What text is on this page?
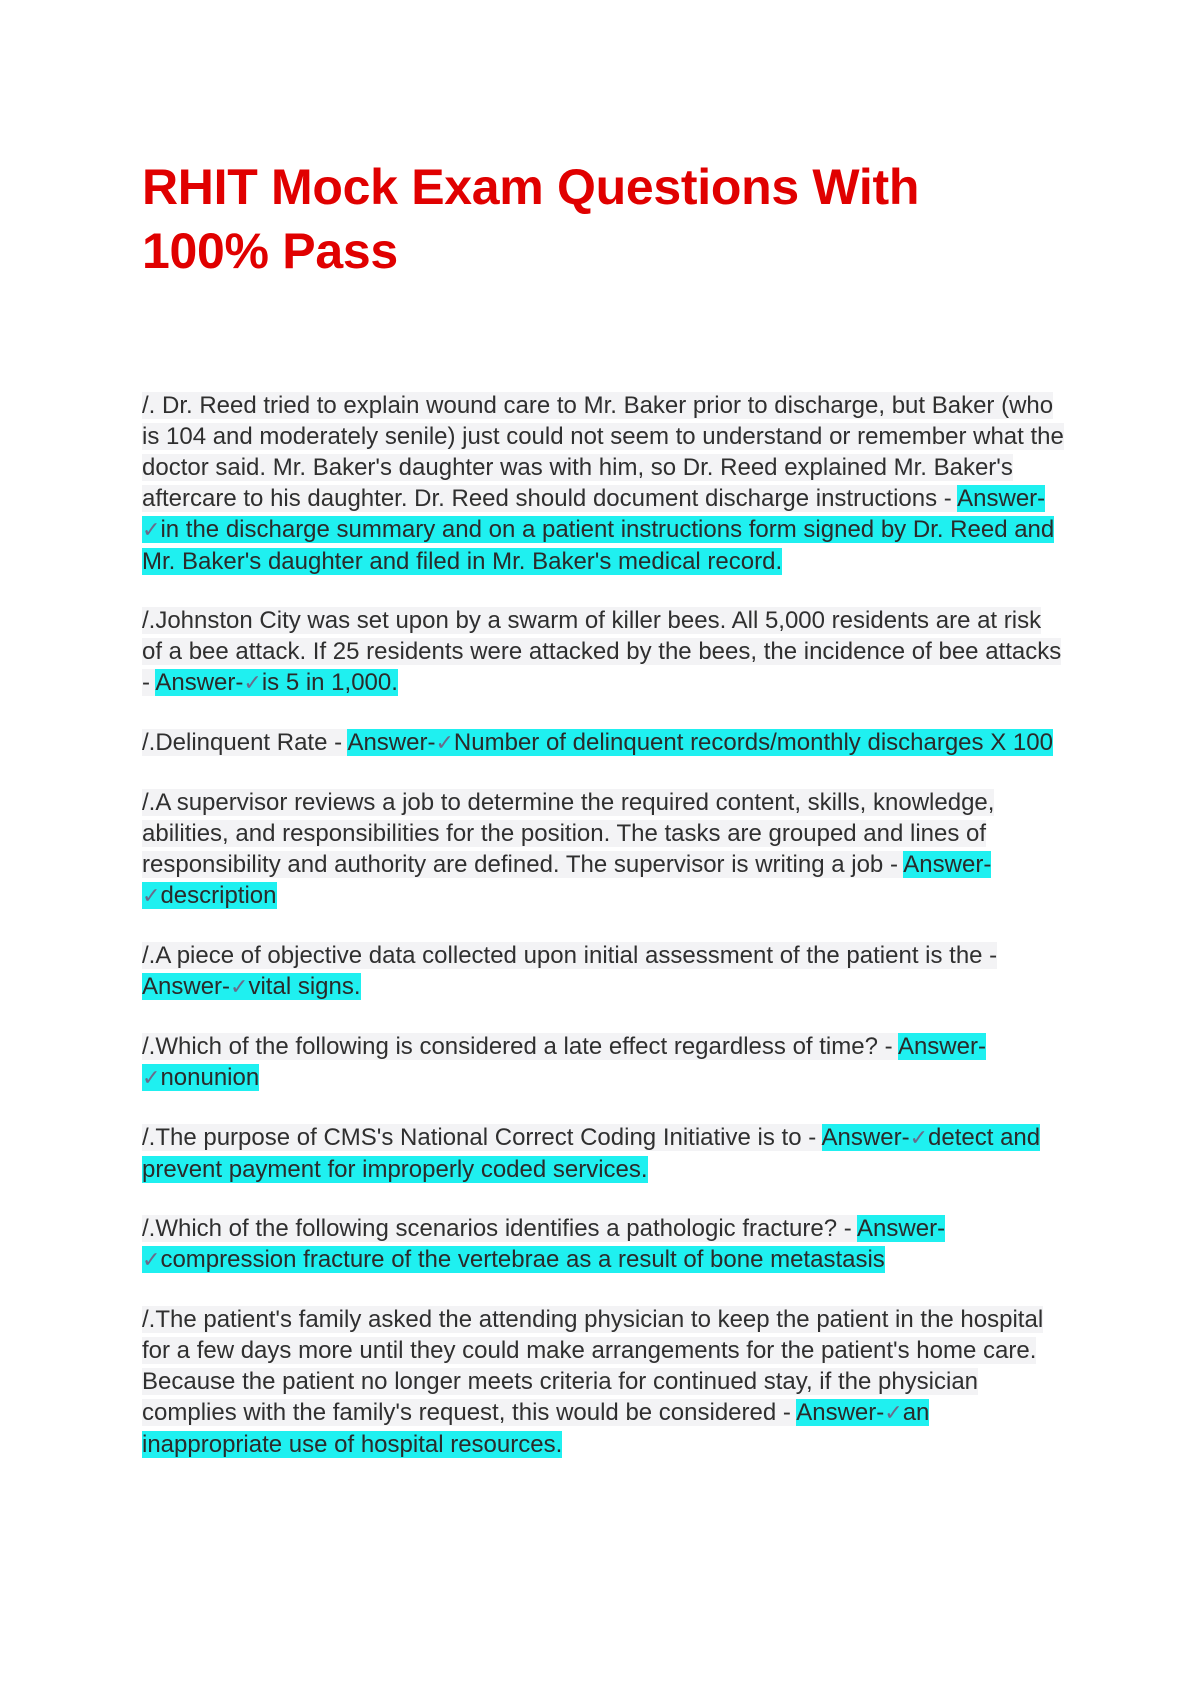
RHIT Mock Exam Questions With 100% Pass

/. Dr. Reed tried to explain wound care to Mr. Baker prior to discharge, but Baker (who is 104 and moderately senile) just could not seem to understand or remember what the doctor said. Mr. Baker's daughter was with him, so Dr. Reed explained Mr. Baker's aftercare to his daughter. Dr. Reed should document discharge instructions - Answer-✓in the discharge summary and on a patient instructions form signed by Dr. Reed and Mr. Baker's daughter and filed in Mr. Baker's medical record.

/.Johnston City was set upon by a swarm of killer bees. All 5,000 residents are at risk of a bee attack. If 25 residents were attacked by the bees, the incidence of bee attacks - Answer-✓is 5 in 1,000.

/.Delinquent Rate - Answer-✓Number of delinquent records/monthly discharges X 100

/.A supervisor reviews a job to determine the required content, skills, knowledge, abilities, and responsibilities for the position. The tasks are grouped and lines of responsibility and authority are defined. The supervisor is writing a job - Answer-✓description

/.A piece of objective data collected upon initial assessment of the patient is the - Answer-✓vital signs.

/.Which of the following is considered a late effect regardless of time? - Answer-✓nonunion

/.The purpose of CMS's National Correct Coding Initiative is to - Answer-✓detect and prevent payment for improperly coded services.

/.Which of the following scenarios identifies a pathologic fracture? - Answer-✓compression fracture of the vertebrae as a result of bone metastasis

/.The patient's family asked the attending physician to keep the patient in the hospital for a few days more until they could make arrangements for the patient's home care. Because the patient no longer meets criteria for continued stay, if the physician complies with the family's request, this would be considered - Answer-✓an inappropriate use of hospital resources.
